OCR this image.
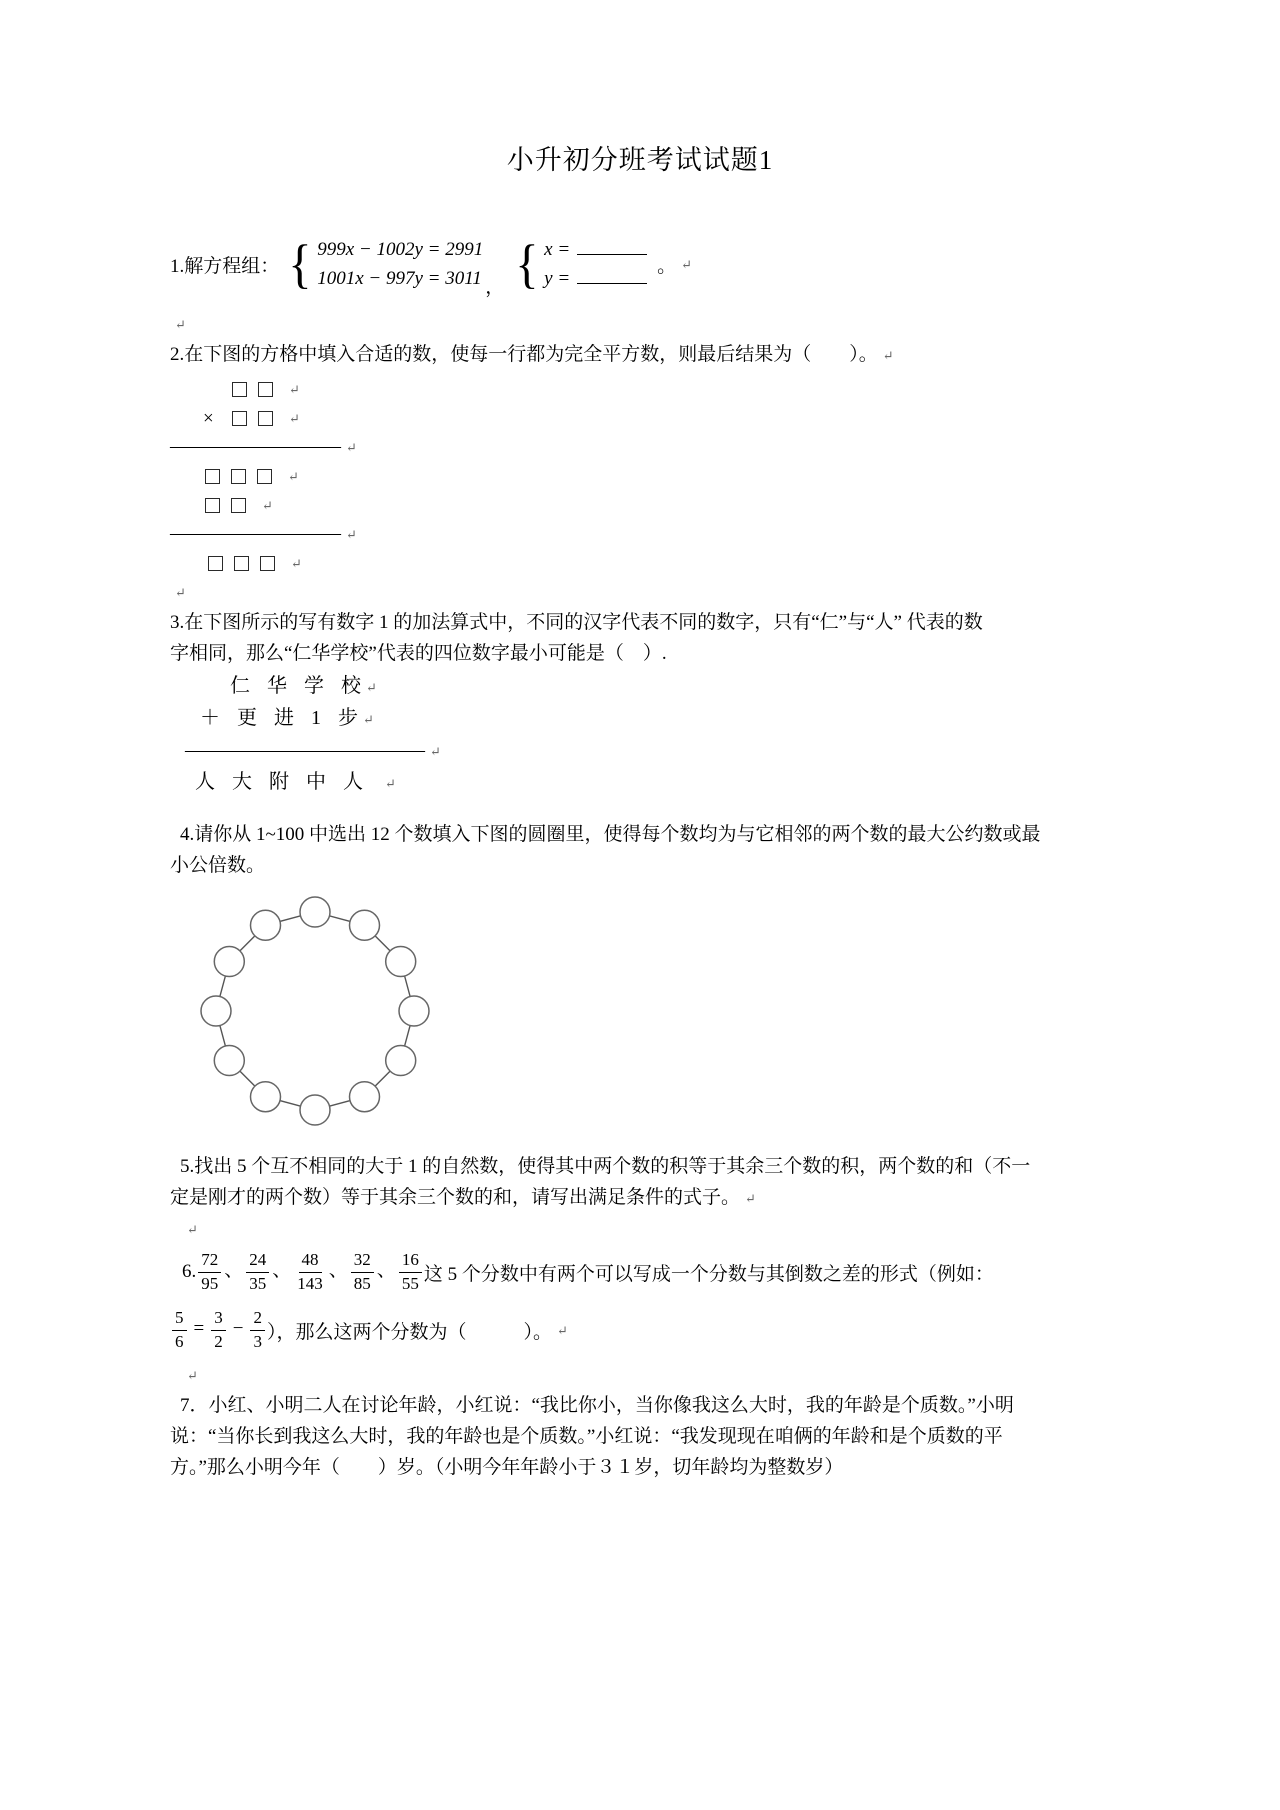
小升初分班考试试题1
1.解方程组： { 999x − 1002y = 2991
1001x − 997y = 3011 ， { x =
y =
。
↵
↵

2.在下图的方格中填入合适的数，使每一行都为完全平方数，则最后结果为（　　）。↵

↵
×↵
—————————↵
↵
↵
—————————↵
↵
↵

3.在下图所示的写有数字 1 的加法算式中，不同的汉字代表不同的数字，只有“仁”与“人” 代表的数

字相同，那么“仁华学校”代表的四位数字最小可能是（　）.

仁 华 学 校↵
＋ 更 进 1 步↵
————————————↵
人 大 附 中 人 ↵

4.请你从 1~100 中选出 12 个数填入下图的圆圈里，使得每个数均为与它相邻的两个数的最大公约数或最

小公倍数。

5.找出 5 个互不相同的大于 1 的自然数，使得其中两个数的积等于其余三个数的积，两个数的和（不一

定是刚才的两个数）等于其余三个数的和，请写出满足条件的式子。↵

↵
6. $\frac{72}{95}$ 、 $\frac{24}{35}$ 、 $\frac{48}{143}$ 、 $\frac{32}{85}$ 、 $\frac{16}{55}$ 这 5 个分数中有两个可以写成一个分数与其倒数之差的形式（例如：
$\frac{5}{6} = \frac{3}{2} - \frac{2}{3}$ ），那么这两个分数为（　　　）。
↵
↵

7．小红、小明二人在讨论年龄，小红说：“我比你小，当你像我这么大时，我的年龄是个质数。”小明

说：“当你长到我这么大时，我的年龄也是个质数。”小红说：“我发现现在咱俩的年龄和是个质数的平

方。”那么小明今年（　　）岁。（小明今年年龄小于３１岁，切年龄均为整数岁）
